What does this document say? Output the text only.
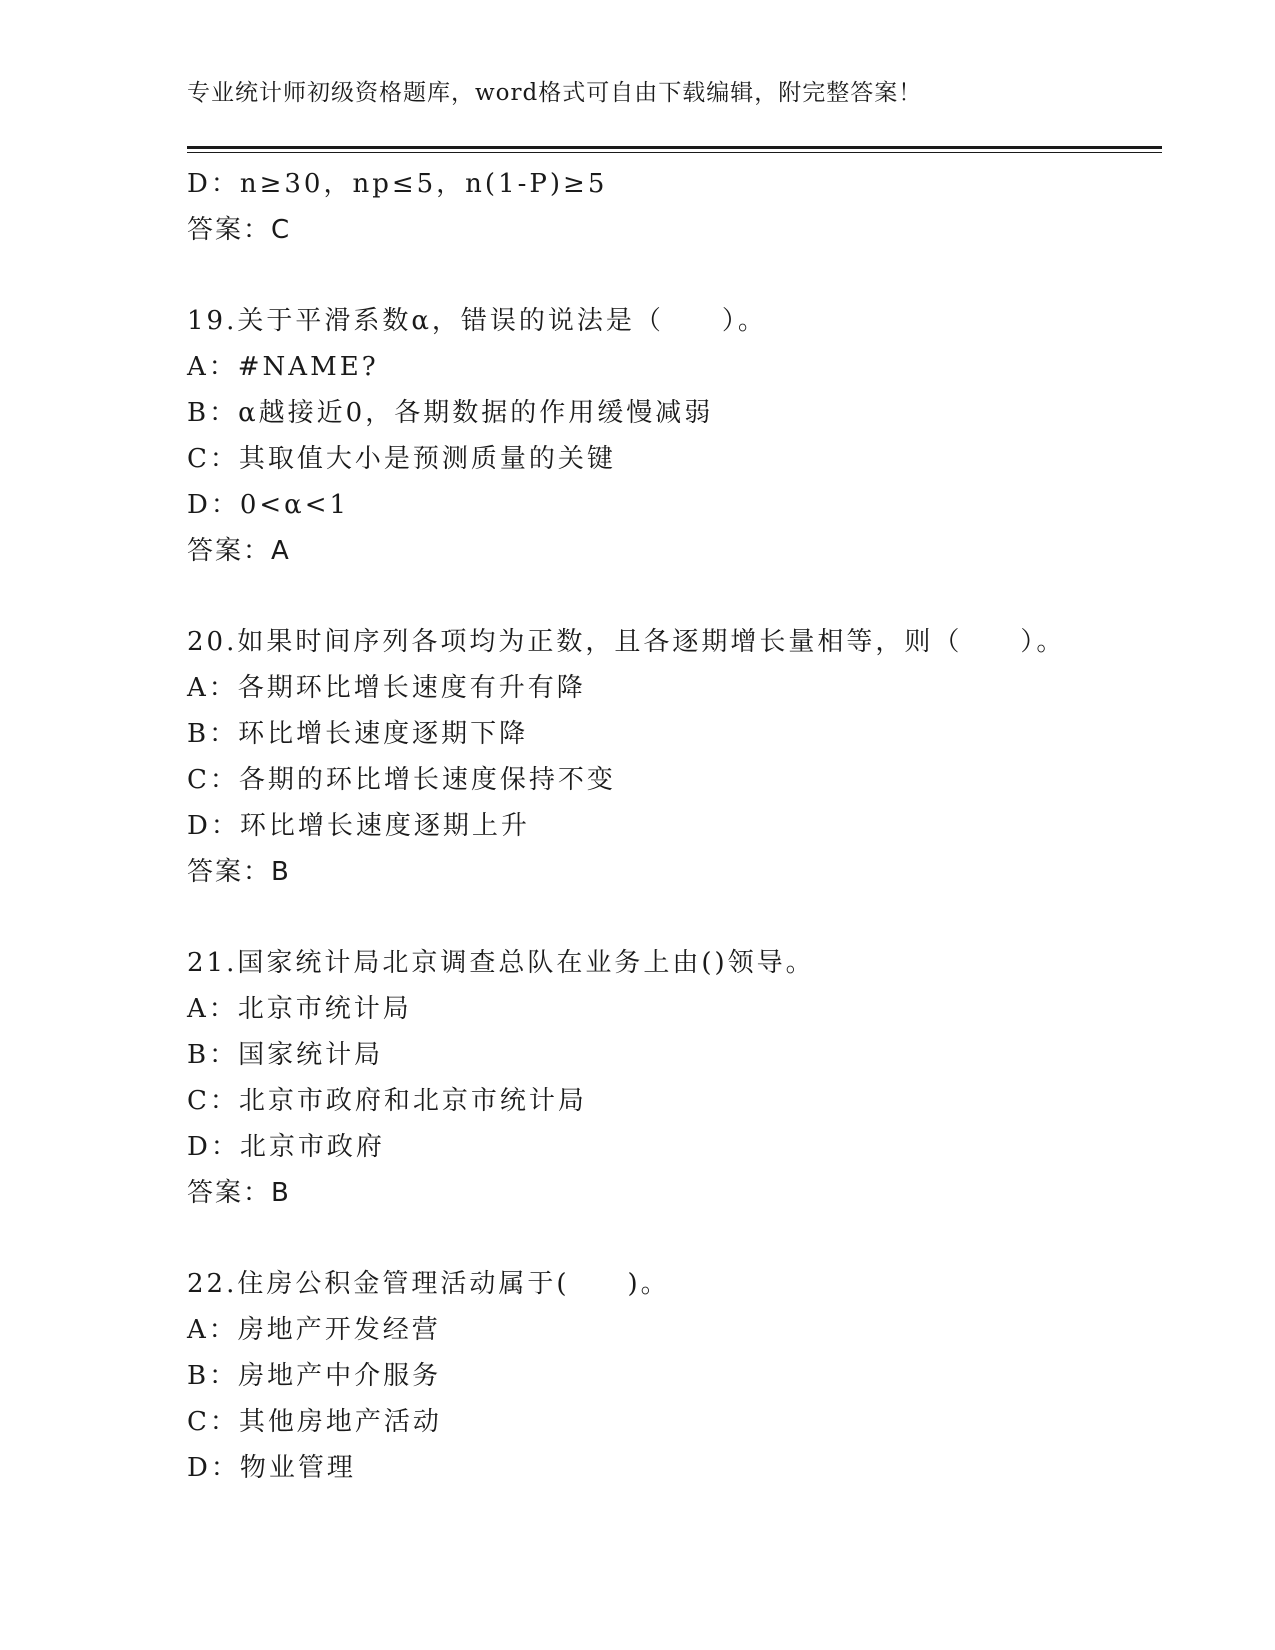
专业统计师初级资格题库，word格式可自由下载编辑，附完整答案！
D：n≥30，np≤5，n(1-P)≥5
答案：C
19.关于平滑系数α，错误的说法是（　　）。
A：#NAME?
B：α越接近0，各期数据的作用缓慢减弱
C：其取值大小是预测质量的关键
D：0<α<1
答案：A
20.如果时间序列各项均为正数，且各逐期增长量相等，则（　　）。
A：各期环比增长速度有升有降
B：环比增长速度逐期下降
C：各期的环比增长速度保持不变
D：环比增长速度逐期上升
答案：B
21.国家统计局北京调查总队在业务上由()领导。
A：北京市统计局
B：国家统计局
C：北京市政府和北京市统计局
D：北京市政府
答案：B
22.住房公积金管理活动属于(　　)。
A：房地产开发经营
B：房地产中介服务
C：其他房地产活动
D：物业管理
